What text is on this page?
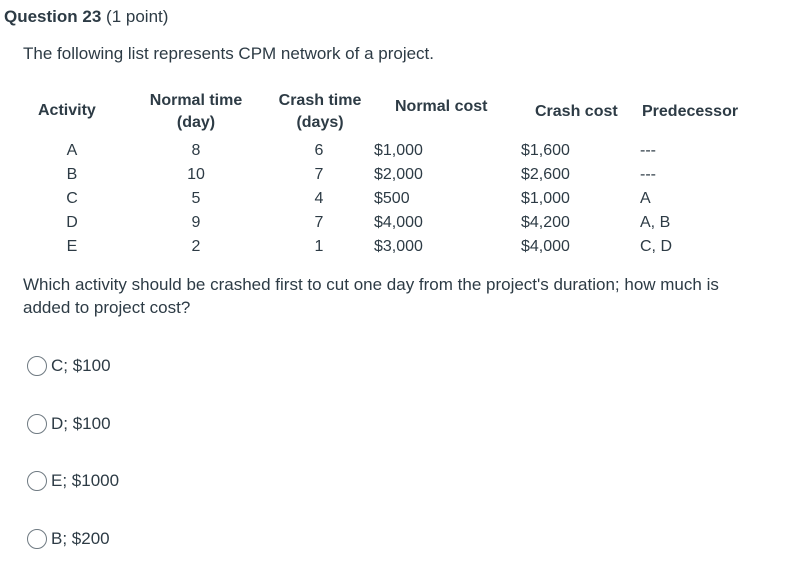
Question 23 (1 point)
The following list represents CPM network of a project.
Activity
Normal time
(day)
Crash time
(days)
Normal cost	Crash cost Predecessor
A	8	6	$1,000	$1,600	---
B	10	7	$2,000	$2,600	---
C	5	4	$500	$1,000	A
D	9	7	$4,000	$4,200	A, B
E	2	1	$3,000	$4,000	C, D
Which activity should be crashed first to cut one day from the project's duration; how much is added to project cost?
C; $100
D; $100
E; $1000
B; $200
